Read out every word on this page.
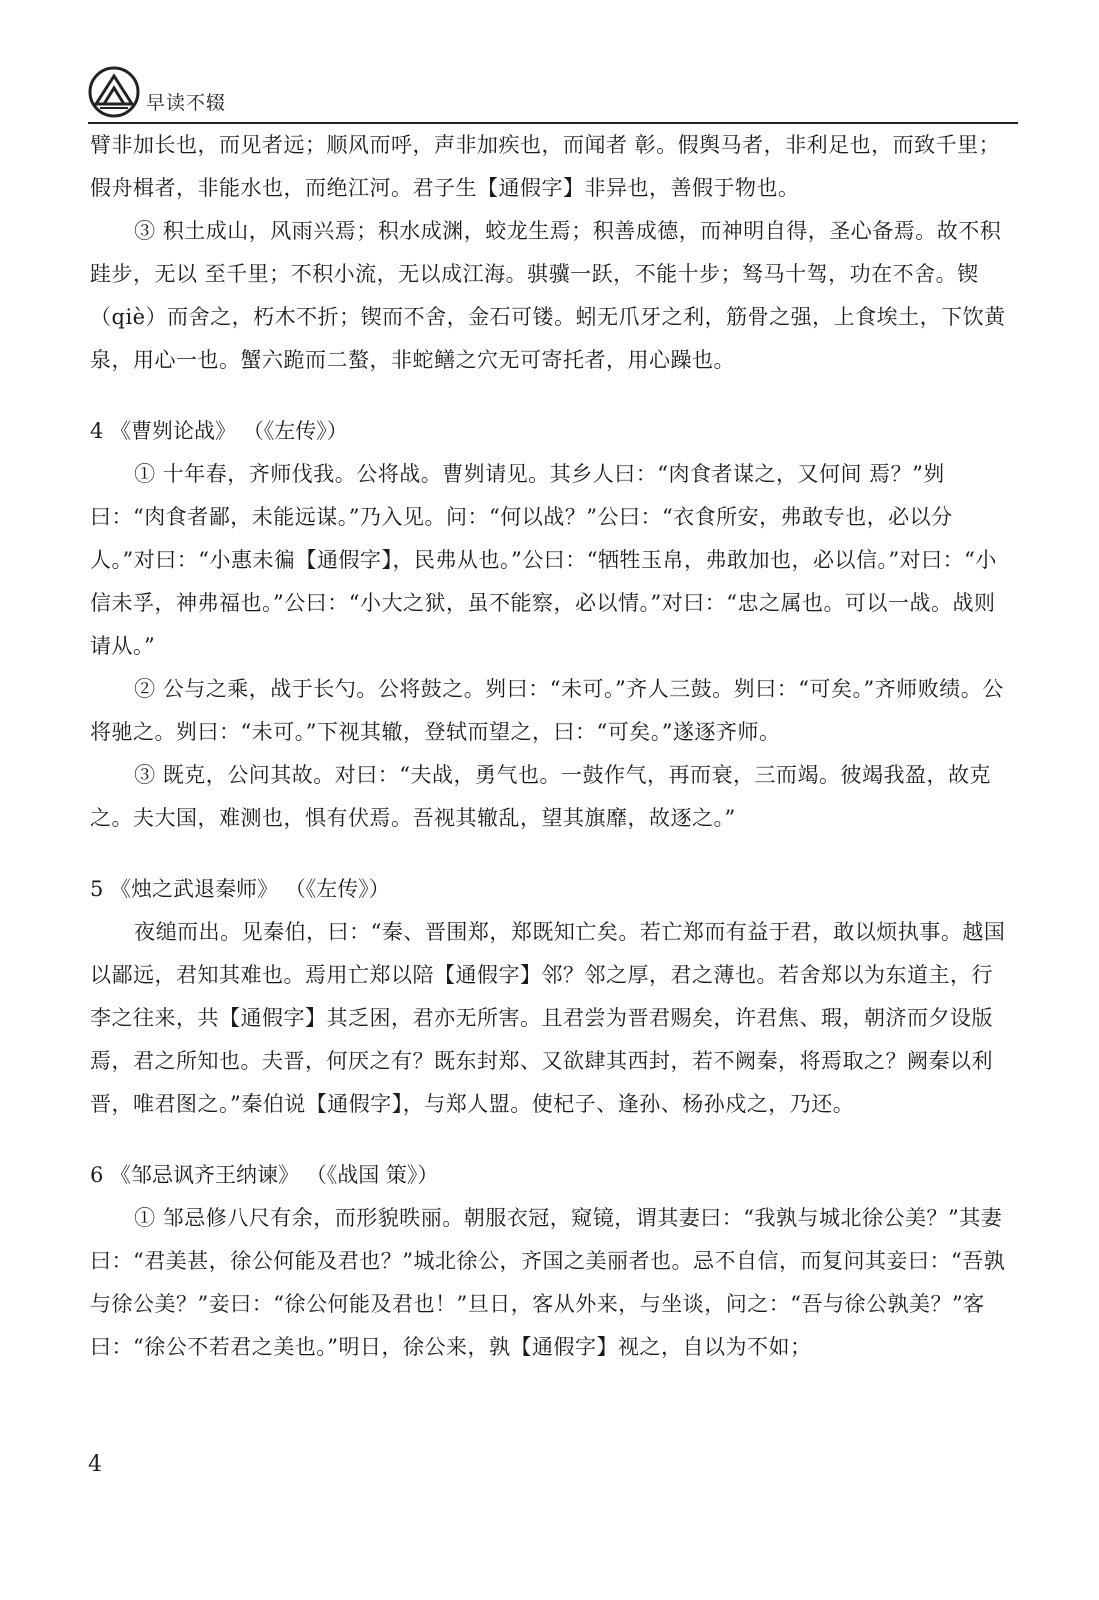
早读不辍

臂非加长也，而见者远；顺风而呼，声非加疾也，而闻者 彰。假舆马者，非利足也，而致千里；假舟楫者，非能水也，而绝江河。君子生【通假字】非异也，善假于物也。

③ 积土成山，风雨兴焉；积水成渊，蛟龙生焉；积善成德，而神明自得，圣心备焉。故不积跬步，无以 至千里；不积小流，无以成江海。骐骥一跃，不能十步；驽马十驾，功在不舍。锲（qiè）而舍之，朽木不折；锲而不舍，金石可镂。蚓无爪牙之利，筋骨之强，上食埃土，下饮黄泉，用心一也。蟹六跪而二螯，非蛇鳝之穴无可寄托者，用心躁也。

4 《曹刿论战》 （《左传》）

① 十年春，齐师伐我。公将战。曹刿请见。其乡人曰：“肉食者谋之，又何间 焉？”刿曰：“肉食者鄙，未能远谋。”乃入见。问：“何以战？”公曰：“衣食所安，弗敢专也，必以分人。”对曰：“小惠未徧【通假字】，民弗从也。”公曰：“牺牲玉帛，弗敢加也，必以信。”对曰：“小信未孚，神弗福也。”公曰：“小大之狱，虽不能察，必以情。”对曰：“忠之属也。可以一战。战则请从。”

② 公与之乘，战于长勺。公将鼓之。刿曰：“未可。”齐人三鼓。刿曰：“可矣。”齐师败绩。公将驰之。刿曰：“未可。”下视其辙，登轼而望之，曰：“可矣。”遂逐齐师。

③ 既克，公问其故。对曰：“夫战，勇气也。一鼓作气，再而衰，三而竭。彼竭我盈，故克之。夫大国，难测也，惧有伏焉。吾视其辙乱，望其旗靡，故逐之。”

5 《烛之武退秦师》 （《左传》）

夜缒而出。见秦伯，曰：“秦、晋围郑，郑既知亡矣。若亡郑而有益于君，敢以烦执事。越国以鄙远，君知其难也。焉用亡郑以陪【通假字】邻？邻之厚，君之薄也。若舍郑以为东道主，行李之往来，共【通假字】其乏困，君亦无所害。且君尝为晋君赐矣，许君焦、瑕，朝济而夕设版焉，君之所知也。夫晋，何厌之有？既东封郑、又欲肆其西封，若不阙秦，将焉取之？阙秦以利晋，唯君图之。”秦伯说【通假字】，与郑人盟。使杞子、逢孙、杨孙戍之，乃还。

6 《邹忌讽齐王纳谏》 （《战国 策》）

① 邹忌修八尺有余，而形貌昳丽。朝服衣冠，窥镜，谓其妻曰：“我孰与城北徐公美？”其妻曰：“君美甚，徐公何能及君也？”城北徐公，齐国之美丽者也。忌不自信，而复问其妾曰：“吾孰与徐公美？”妾曰：“徐公何能及君也！”旦日，客从外来，与坐谈，问之：“吾与徐公孰美？”客曰：“徐公不若君之美也。”明日，徐公来，孰【通假字】视之，自以为不如；

4
